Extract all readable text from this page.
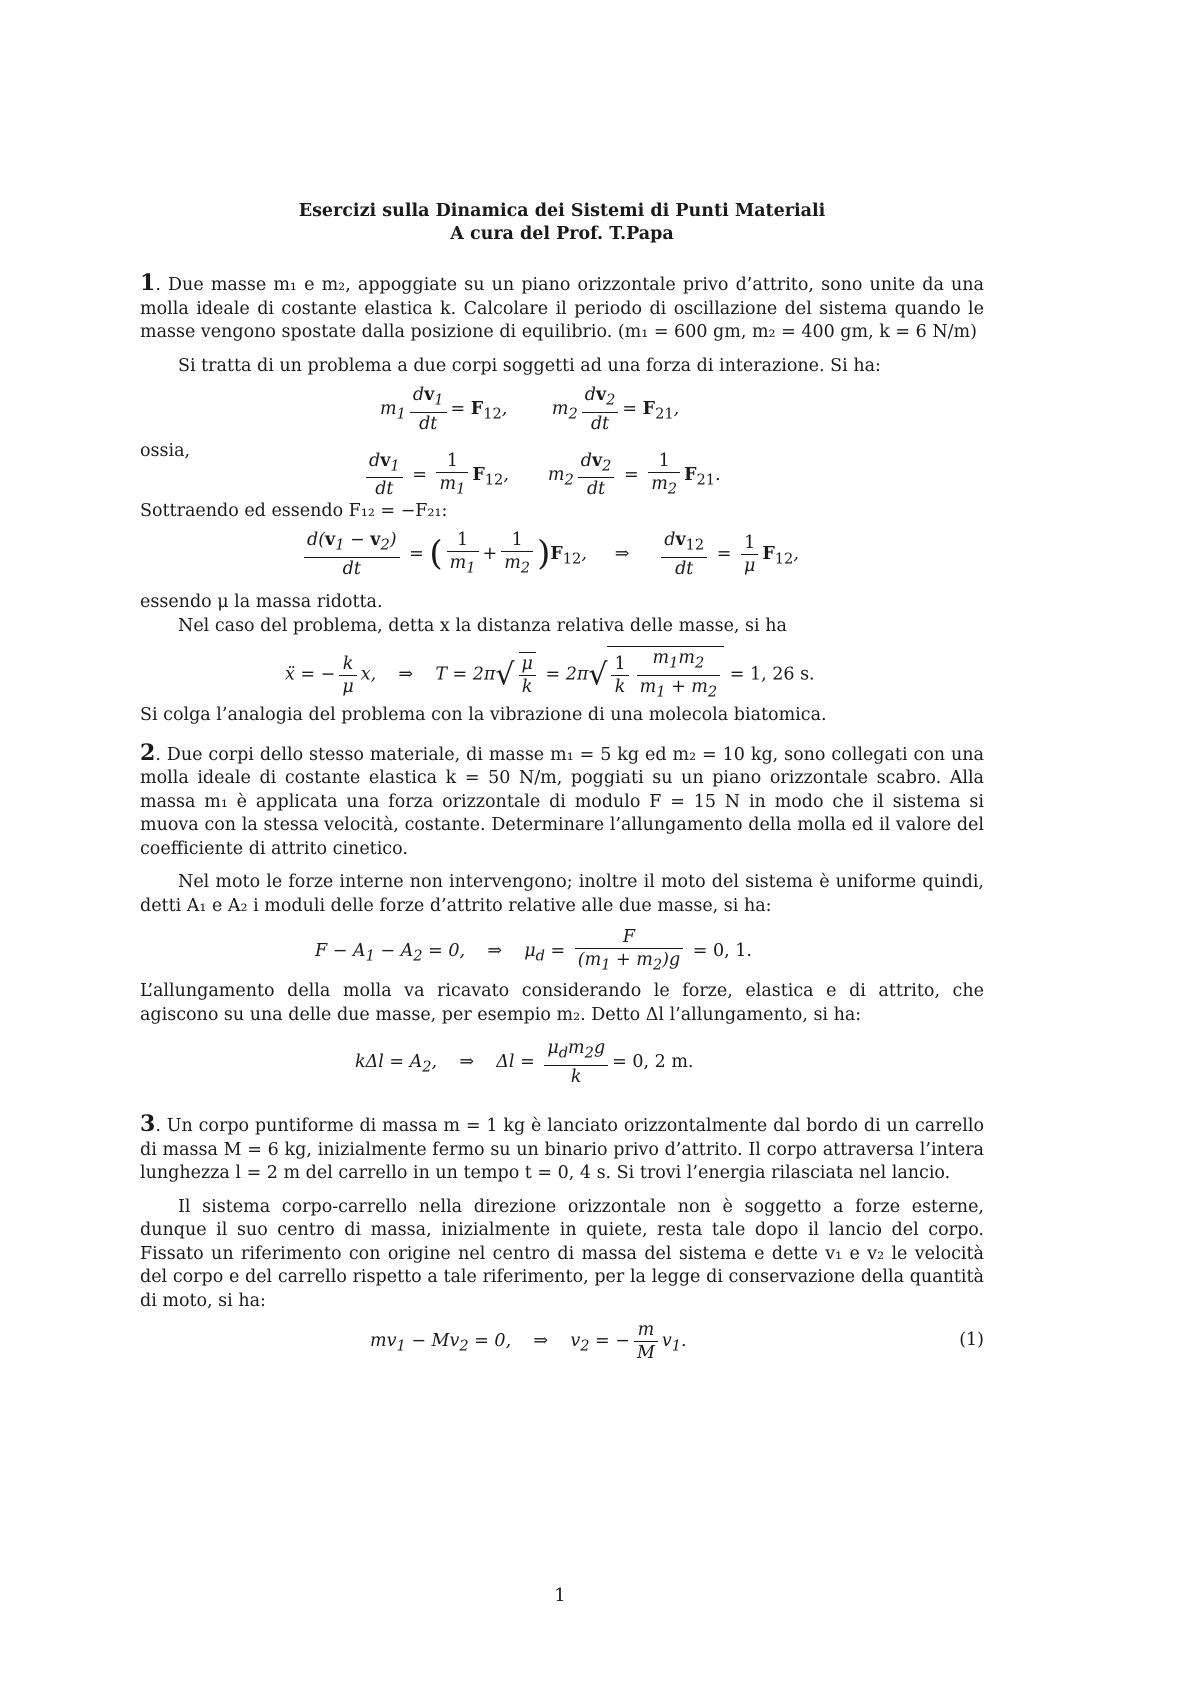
Esercizi sulla Dinamica dei Sistemi di Punti Materiali
A cura del Prof. T.Papa

1. Due masse m₁ e m₂, appoggiate su un piano orizzontale privo d’attrito, sono unite da una molla ideale di costante elastica k. Calcolare il periodo di oscillazione del sistema quando le masse vengono spostate dalla posizione di equilibrio. (m₁ = 600 gm, m₂ = 400 gm, k = 6 N/m)

Si tratta di un problema a due corpi soggetti ad una forza di interazione. Si ha:

$m_1 \frac{dv_1}{dt} = F_{12}$,        $m_2 \frac{dv_2}{dt} = F_{21}$,

ossia,	$\frac{dv_1}{dt} = \frac{1}{m_1} F_{12}$,       $m_2 \frac{dv_2}{dt} = \frac{1}{m_2} F_{21}$.

Sottraendo ed essendo F₁₂ = −F₂₁:

$\frac{d(v_1 - v_2)}{dt}$ = ( $\frac{1}{m_1} + \frac{1}{m_2} )F_{12}$,     ⇒ $\frac{dv_{12}}{dt} = \frac{1}{\mu} F_{12}$,

essendo μ la massa ridotta.

Nel caso del problema, detta x la distanza relativa delle masse, si ha

ẍ = − $\frac{k}{\mu} x$,    ⇒    $T = 2\pi√ \frac{\mu}{k} = 2\pi√ \frac{1}{k} \frac{m_1m_2}{m_1 + m_2} = 1$, 26 s.

Si colga l’analogia del problema con la vibrazione di una molecola biatomica.

2. Due corpi dello stesso materiale, di masse m₁ = 5 kg ed m₂ = 10 kg, sono collegati con una molla ideale di costante elastica k = 50 N/m, poggiati su un piano orizzontale scabro. Alla massa m₁ è applicata una forza orizzontale di modulo F = 15 N in modo che il sistema si muova con la stessa velocità, costante. Determinare l’allungamento della molla ed il valore del coefficiente di attrito cinetico.

Nel moto le forze interne non intervengono; inoltre il moto del sistema è uniforme quindi, detti A₁ e A₂ i moduli delle forze d’attrito relative alle due masse, si ha:

$F - A_1 - A_2 = 0$,    ⇒    $\mu_d = \frac{F}{(m_1 + m_2)g} = 0$, 1.

L’allungamento della molla va ricavato considerando le forze, elastica e di attrito, che agiscono su una delle due masse, per esempio m₂. Detto Δl l’allungamento, si ha:

$k\Delta l = A_2$,    ⇒    $\Delta l = \frac{\mu_dm_2g}{k} = 0$, 2 m.

3. Un corpo puntiforme di massa m = 1 kg è lanciato orizzontalmente dal bordo di un carrello di massa M = 6 kg, inizialmente fermo su un binario privo d’attrito. Il corpo attraversa l’intera lunghezza l = 2 m del carrello in un tempo t = 0, 4 s. Si trovi l’energia rilasciata nel lancio.

Il sistema corpo-carrello nella direzione orizzontale non è soggetto a forze esterne, dunque il suo centro di massa, inizialmente in quiete, resta tale dopo il lancio del corpo. Fissato un riferimento con origine nel centro di massa del sistema e dette v₁ e v₂ le velocità del corpo e del carrello rispetto a tale riferimento, per la legge di conservazione della quantità di moto, si ha:

$mv_1 - Mv_2 = 0$,    ⇒    $v_2$ = − $\frac{m}{M} v_1$.	(1)
1
